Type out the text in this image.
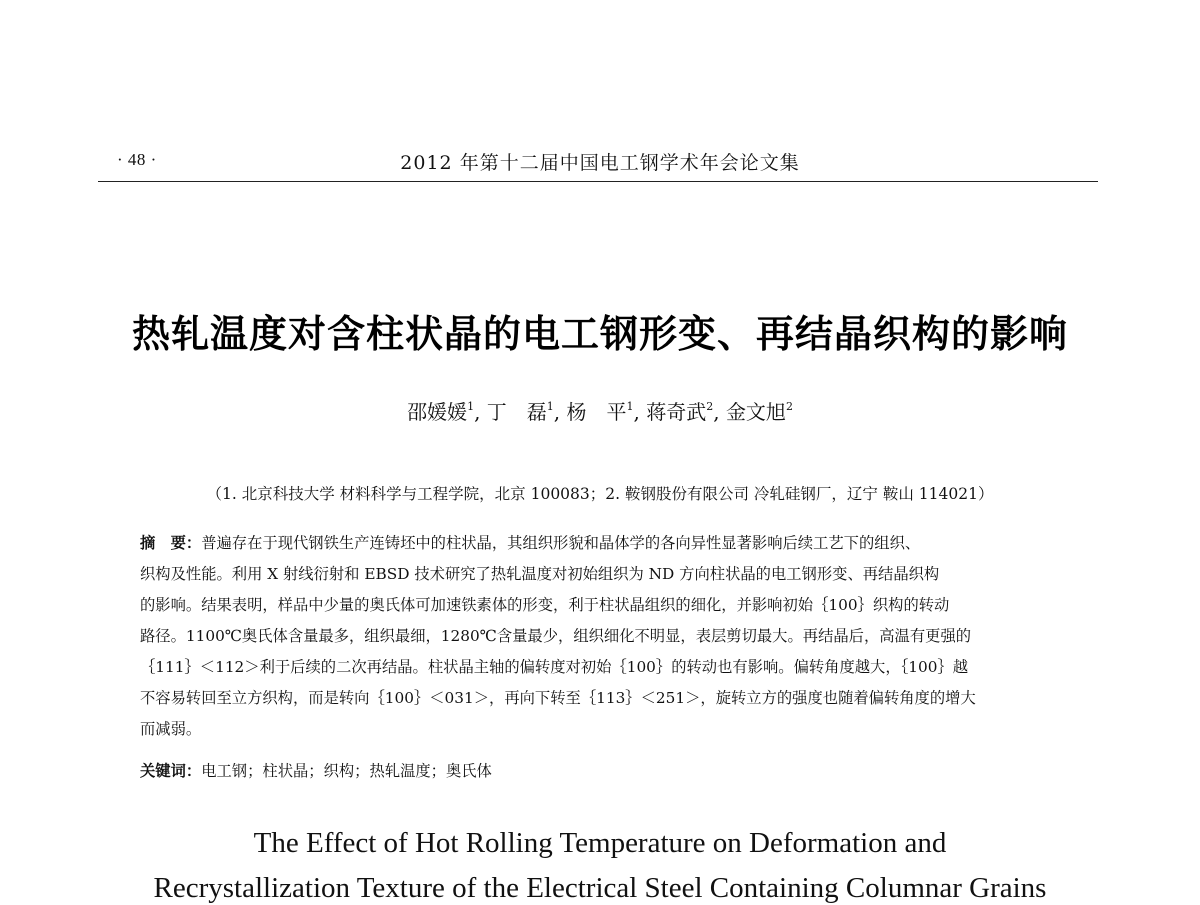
· 48 ·	2012 年第十二届中国电工钢学术年会论文集
热轧温度对含柱状晶的电工钢形变、再结晶织构的影响
邵媛媛$^1$, 丁　磊$^1$, 杨　平$^1$, 蒋奇武$^2$, 金文旭$^2$
（1. 北京科技大学 材料科学与工程学院，北京 100083；2. 鞍钢股份有限公司 冷轧硅钢厂，辽宁 鞍山 114021）
摘　要：普遍存在于现代钢铁生产连铸坯中的柱状晶，其组织形貌和晶体学的各向异性显著影响后续工艺下的组织、
织构及性能。利用 X 射线衍射和 EBSD 技术研究了热轧温度对初始组织为 ND 方向柱状晶的电工钢形变、再结晶织构
的影响。结果表明，样品中少量的奥氏体可加速铁素体的形变，利于柱状晶组织的细化，并影响初始｛100｝织构的转动
路径。1100℃奥氏体含量最多，组织最细，1280℃含量最少，组织细化不明显，表层剪切最大。再结晶后，高温有更强的
｛111｝＜112＞利于后续的二次再结晶。柱状晶主轴的偏转度对初始｛100｝的转动也有影响。偏转角度越大，｛100｝越
不容易转回至立方织构，而是转向｛100｝＜031＞，再向下转至｛113｝＜251＞，旋转立方的强度也随着偏转角度的增大
而减弱。
关键词：电工钢；柱状晶；织构；热轧温度；奥氏体
The Effect of Hot Rolling Temperature on Deformation and
Recrystallization Texture of the Electrical Steel Containing Columnar Grains
